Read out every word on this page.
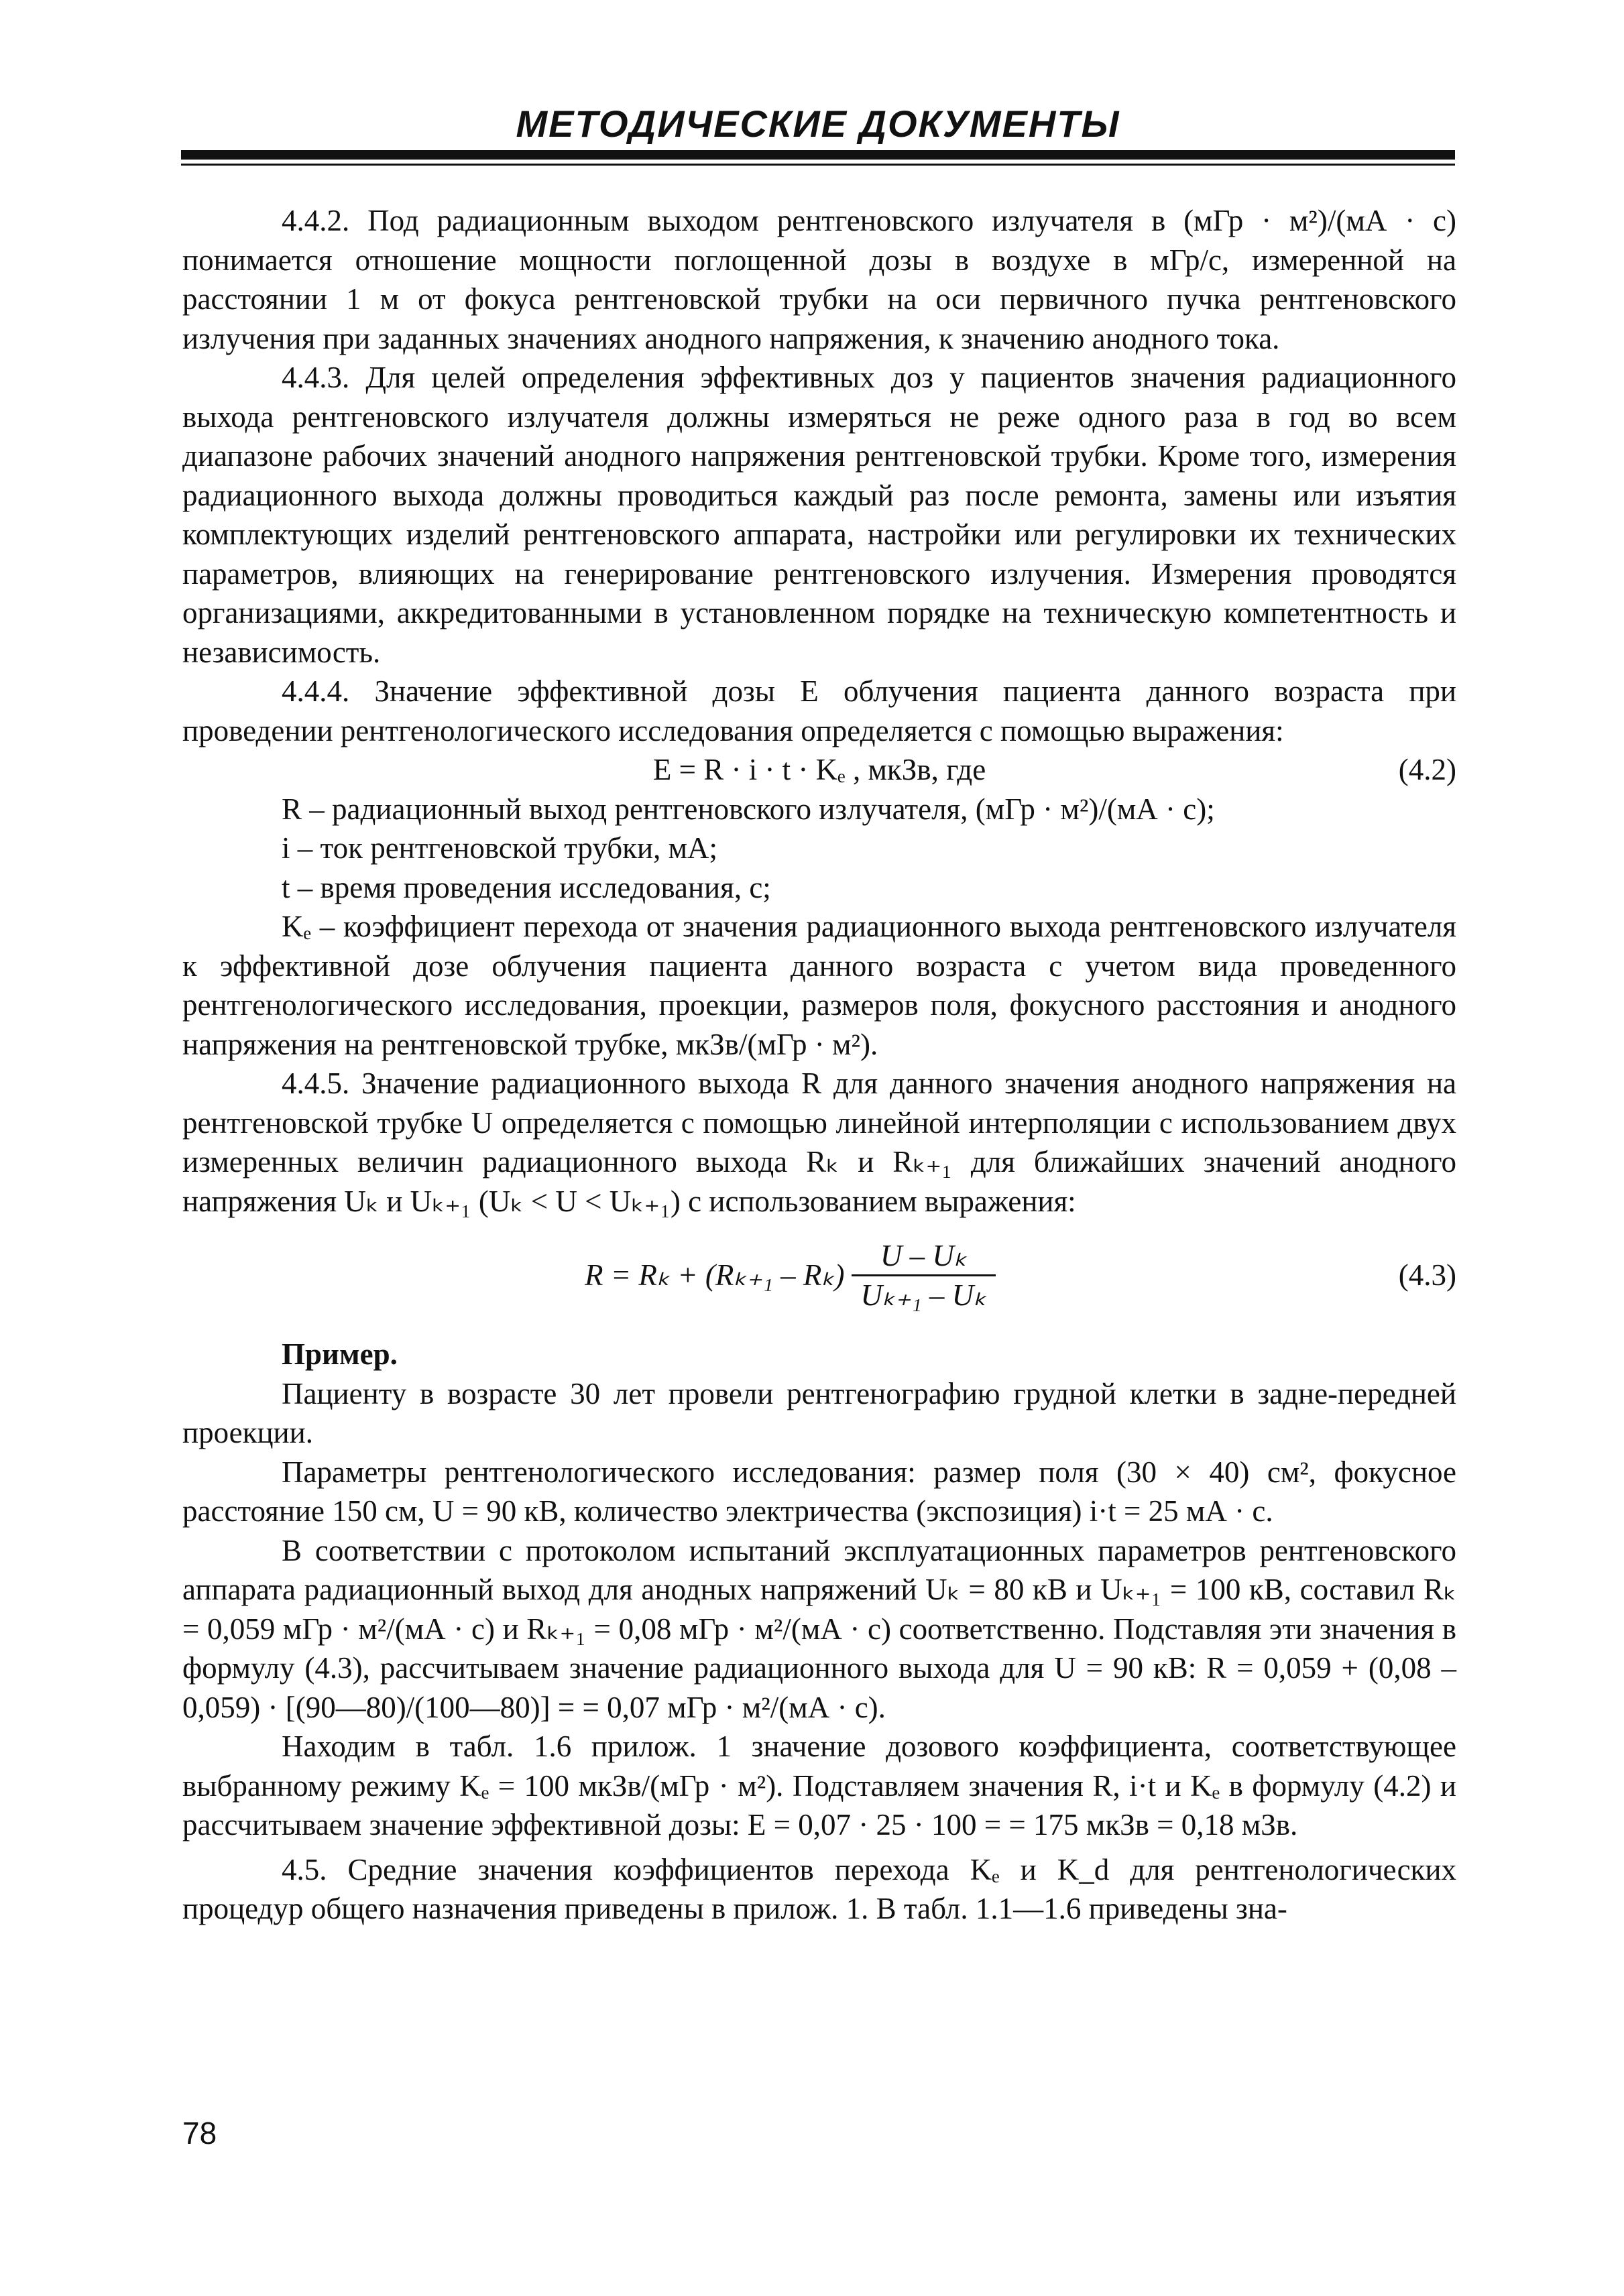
МЕТОДИЧЕСКИЕ ДОКУМЕНТЫ

4.4.2. Под радиационным выходом рентгеновского излучателя в (мГр · м²)/(мА · с) понимается отношение мощности поглощенной дозы в воздухе в мГр/с, измеренной на расстоянии 1 м от фокуса рентгеновской трубки на оси первичного пучка рентгеновского излучения при заданных значениях анодного напряжения, к значению анодного тока.

4.4.3. Для целей определения эффективных доз у пациентов значения радиационного выхода рентгеновского излучателя должны измеряться не реже одного раза в год во всем диапазоне рабочих значений анодного напряжения рентгеновской трубки. Кроме того, измерения радиационного выхода должны проводиться каждый раз после ремонта, замены или изъятия комплектующих изделий рентгеновского аппарата, настройки или регулировки их технических параметров, влияющих на генерирование рентгеновского излучения. Измерения проводятся организациями, аккредитованными в установленном порядке на техническую компетентность и независимость.

4.4.4. Значение эффективной дозы E облучения пациента данного возраста при проведении рентгенологического исследования определяется с помощью выражения:

E = R · i · t · Kₑ , мкЗв, где	(4.2)

R – радиационный выход рентгеновского излучателя, (мГр · м²)/(мА · с);

i – ток рентгеновской трубки, мА;

t – время проведения исследования, с;

Kₑ – коэффициент перехода от значения радиационного выхода рентгеновского излучателя к эффективной дозе облучения пациента данного возраста с учетом вида проведенного рентгенологического исследования, проекции, размеров поля, фокусного расстояния и анодного напряжения на рентгеновской трубке, мкЗв/(мГр · м²).

4.4.5. Значение радиационного выхода R для данного значения анодного напряжения на рентгеновской трубке U определяется с помощью линейной интерполяции с использованием двух измеренных величин радиационного выхода Rₖ и Rₖ₊₁ для ближайших значений анодного напряжения Uₖ и Uₖ₊₁ (Uₖ < U < Uₖ₊₁) с использованием выражения:

$R = R_k + (R_{k+1} - R_k) \frac{\text{U – Uₖ}}{\text{Uₖ₊₁ – Uₖ}}$	(4.3)

Пример.

Пациенту в возрасте 30 лет провели рентгенографию грудной клетки в задне-передней проекции.

Параметры рентгенологического исследования: размер поля (30 × 40) см², фокусное расстояние 150 см, U = 90 кВ, количество электричества (экспозиция) i·t = 25 мА · с.

В соответствии с протоколом испытаний эксплуатационных параметров рентгеновского аппарата радиационный выход для анодных напряжений Uₖ = 80 кВ и Uₖ₊₁ = 100 кВ, составил Rₖ = 0,059 мГр · м²/(мА · с) и Rₖ₊₁ = 0,08 мГр · м²/(мА · с) соответственно. Подставляя эти значения в формулу (4.3), рассчитываем значение радиационного выхода для U = 90 кВ: R = 0,059 + (0,08 – 0,059) · [(90—80)/(100—80)] = = 0,07 мГр · м²/(мА · с).

Находим в табл. 1.6 прилож. 1 значение дозового коэффициента, соответствующее выбранному режиму Kₑ = 100 мкЗв/(мГр · м²). Подставляем значения R, i·t и Kₑ в формулу (4.2) и рассчитываем значение эффективной дозы: E = 0,07 · 25 · 100 = = 175 мкЗв = 0,18 мЗв.

4.5. Средние значения коэффициентов перехода Kₑ и K_d для рентгенологических процедур общего назначения приведены в прилож. 1. В табл. 1.1—1.6 приведены зна-

78
